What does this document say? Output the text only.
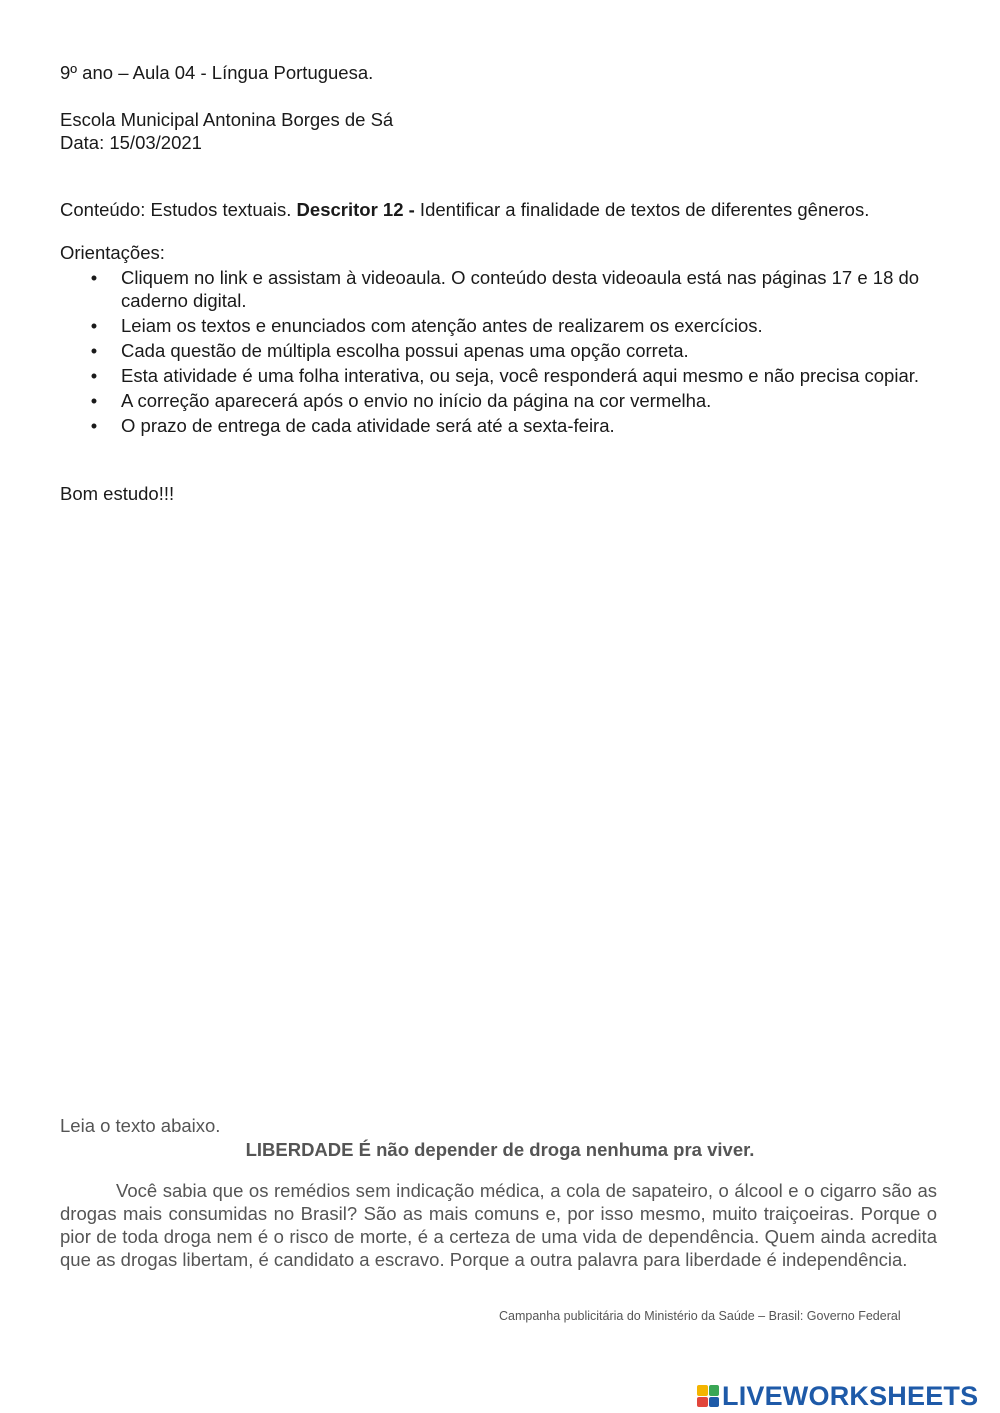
9º ano – Aula 04 - Língua Portuguesa.
Escola Municipal Antonina Borges de Sá
Data: 15/03/2021
Conteúdo: Estudos textuais. Descritor 12 - Identificar a finalidade de textos de diferentes gêneros.
Orientações:
• Cliquem no link e assistam à videoaula. O conteúdo desta videoaula está nas páginas 17 e 18 do caderno digital.
• Leiam os textos e enunciados com atenção antes de realizarem os exercícios.
• Cada questão de múltipla escolha possui apenas uma opção correta.
• Esta atividade é uma folha interativa, ou seja, você responderá aqui mesmo e não precisa copiar.
• A correção aparecerá após o envio no início da página na cor vermelha.
• O prazo de entrega de cada atividade será até a sexta-feira.
Bom estudo!!!
Leia o texto abaixo.
LIBERDADE É não depender de droga nenhuma pra viver.

Você sabia que os remédios sem indicação médica, a cola de sapateiro, o álcool e o cigarro são as drogas mais consumidas no Brasil? São as mais comuns e, por isso mesmo, muito traiçoeiras. Porque o pior de toda droga nem é o risco de morte, é a certeza de uma vida de dependência. Quem ainda acredita que as drogas libertam, é candidato a escravo. Porque a outra palavra para liberdade é independência.

Campanha publicitária do Ministério da Saúde – Brasil: Governo Federal
LIVEWORKSHEETS
